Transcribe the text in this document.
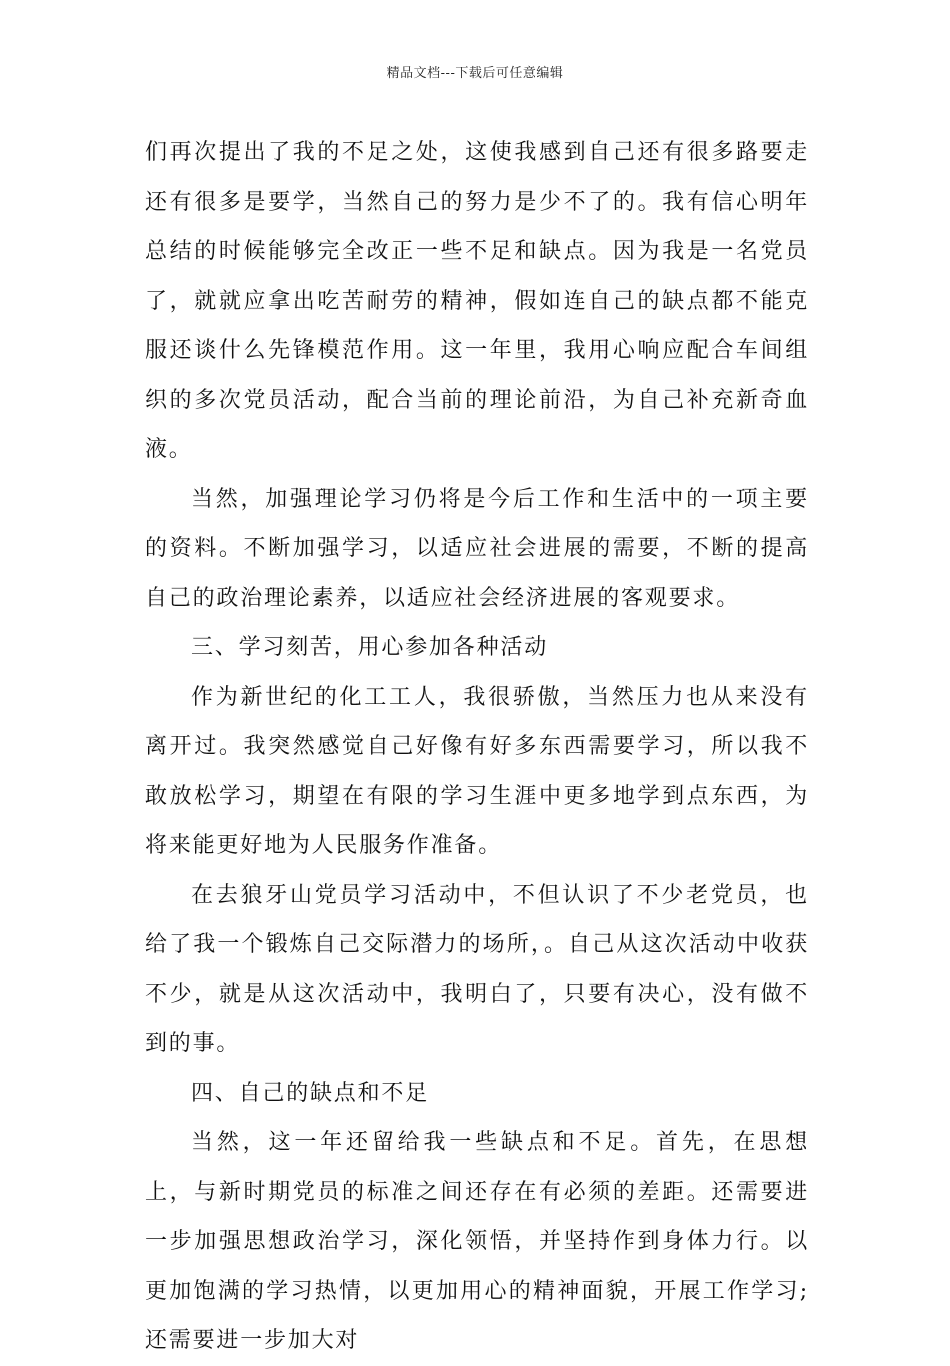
精品文档---下载后可任意编辑

们再次提出了我的不足之处，这使我感到自己还有很多路要走还有很多是要学，当然自己的努力是少不了的。我有信心明年总结的时候能够完全改正一些不足和缺点。因为我是一名党员了，就就应拿出吃苦耐劳的精神，假如连自己的缺点都不能克服还谈什么先锋模范作用。这一年里，我用心响应配合车间组织的多次党员活动，配合当前的理论前沿，为自己补充新奇血液。

当然，加强理论学习仍将是今后工作和生活中的一项主要的资料。不断加强学习，以适应社会进展的需要，不断的提高自己的政治理论素养，以适应社会经济进展的客观要求。

三、学习刻苦，用心参加各种活动

作为新世纪的化工工人，我很骄傲，当然压力也从来没有离开过。我突然感觉自己好像有好多东西需要学习，所以我不敢放松学习，期望在有限的学习生涯中更多地学到点东西，为将来能更好地为人民服务作准备。

在去狼牙山党员学习活动中，不但认识了不少老党员，也给了我一个锻炼自己交际潜力的场所，。自己从这次活动中收获不少，就是从这次活动中，我明白了，只要有决心，没有做不到的事。

四、自己的缺点和不足

当然，这一年还留给我一些缺点和不足。首先，在思想上，与新时期党员的标准之间还存在有必须的差距。还需要进一步加强思想政治学习，深化领悟，并坚持作到身体力行。以更加饱满的学习热情，以更加用心的精神面貌，开展工作学习;还需要进一步加大对
